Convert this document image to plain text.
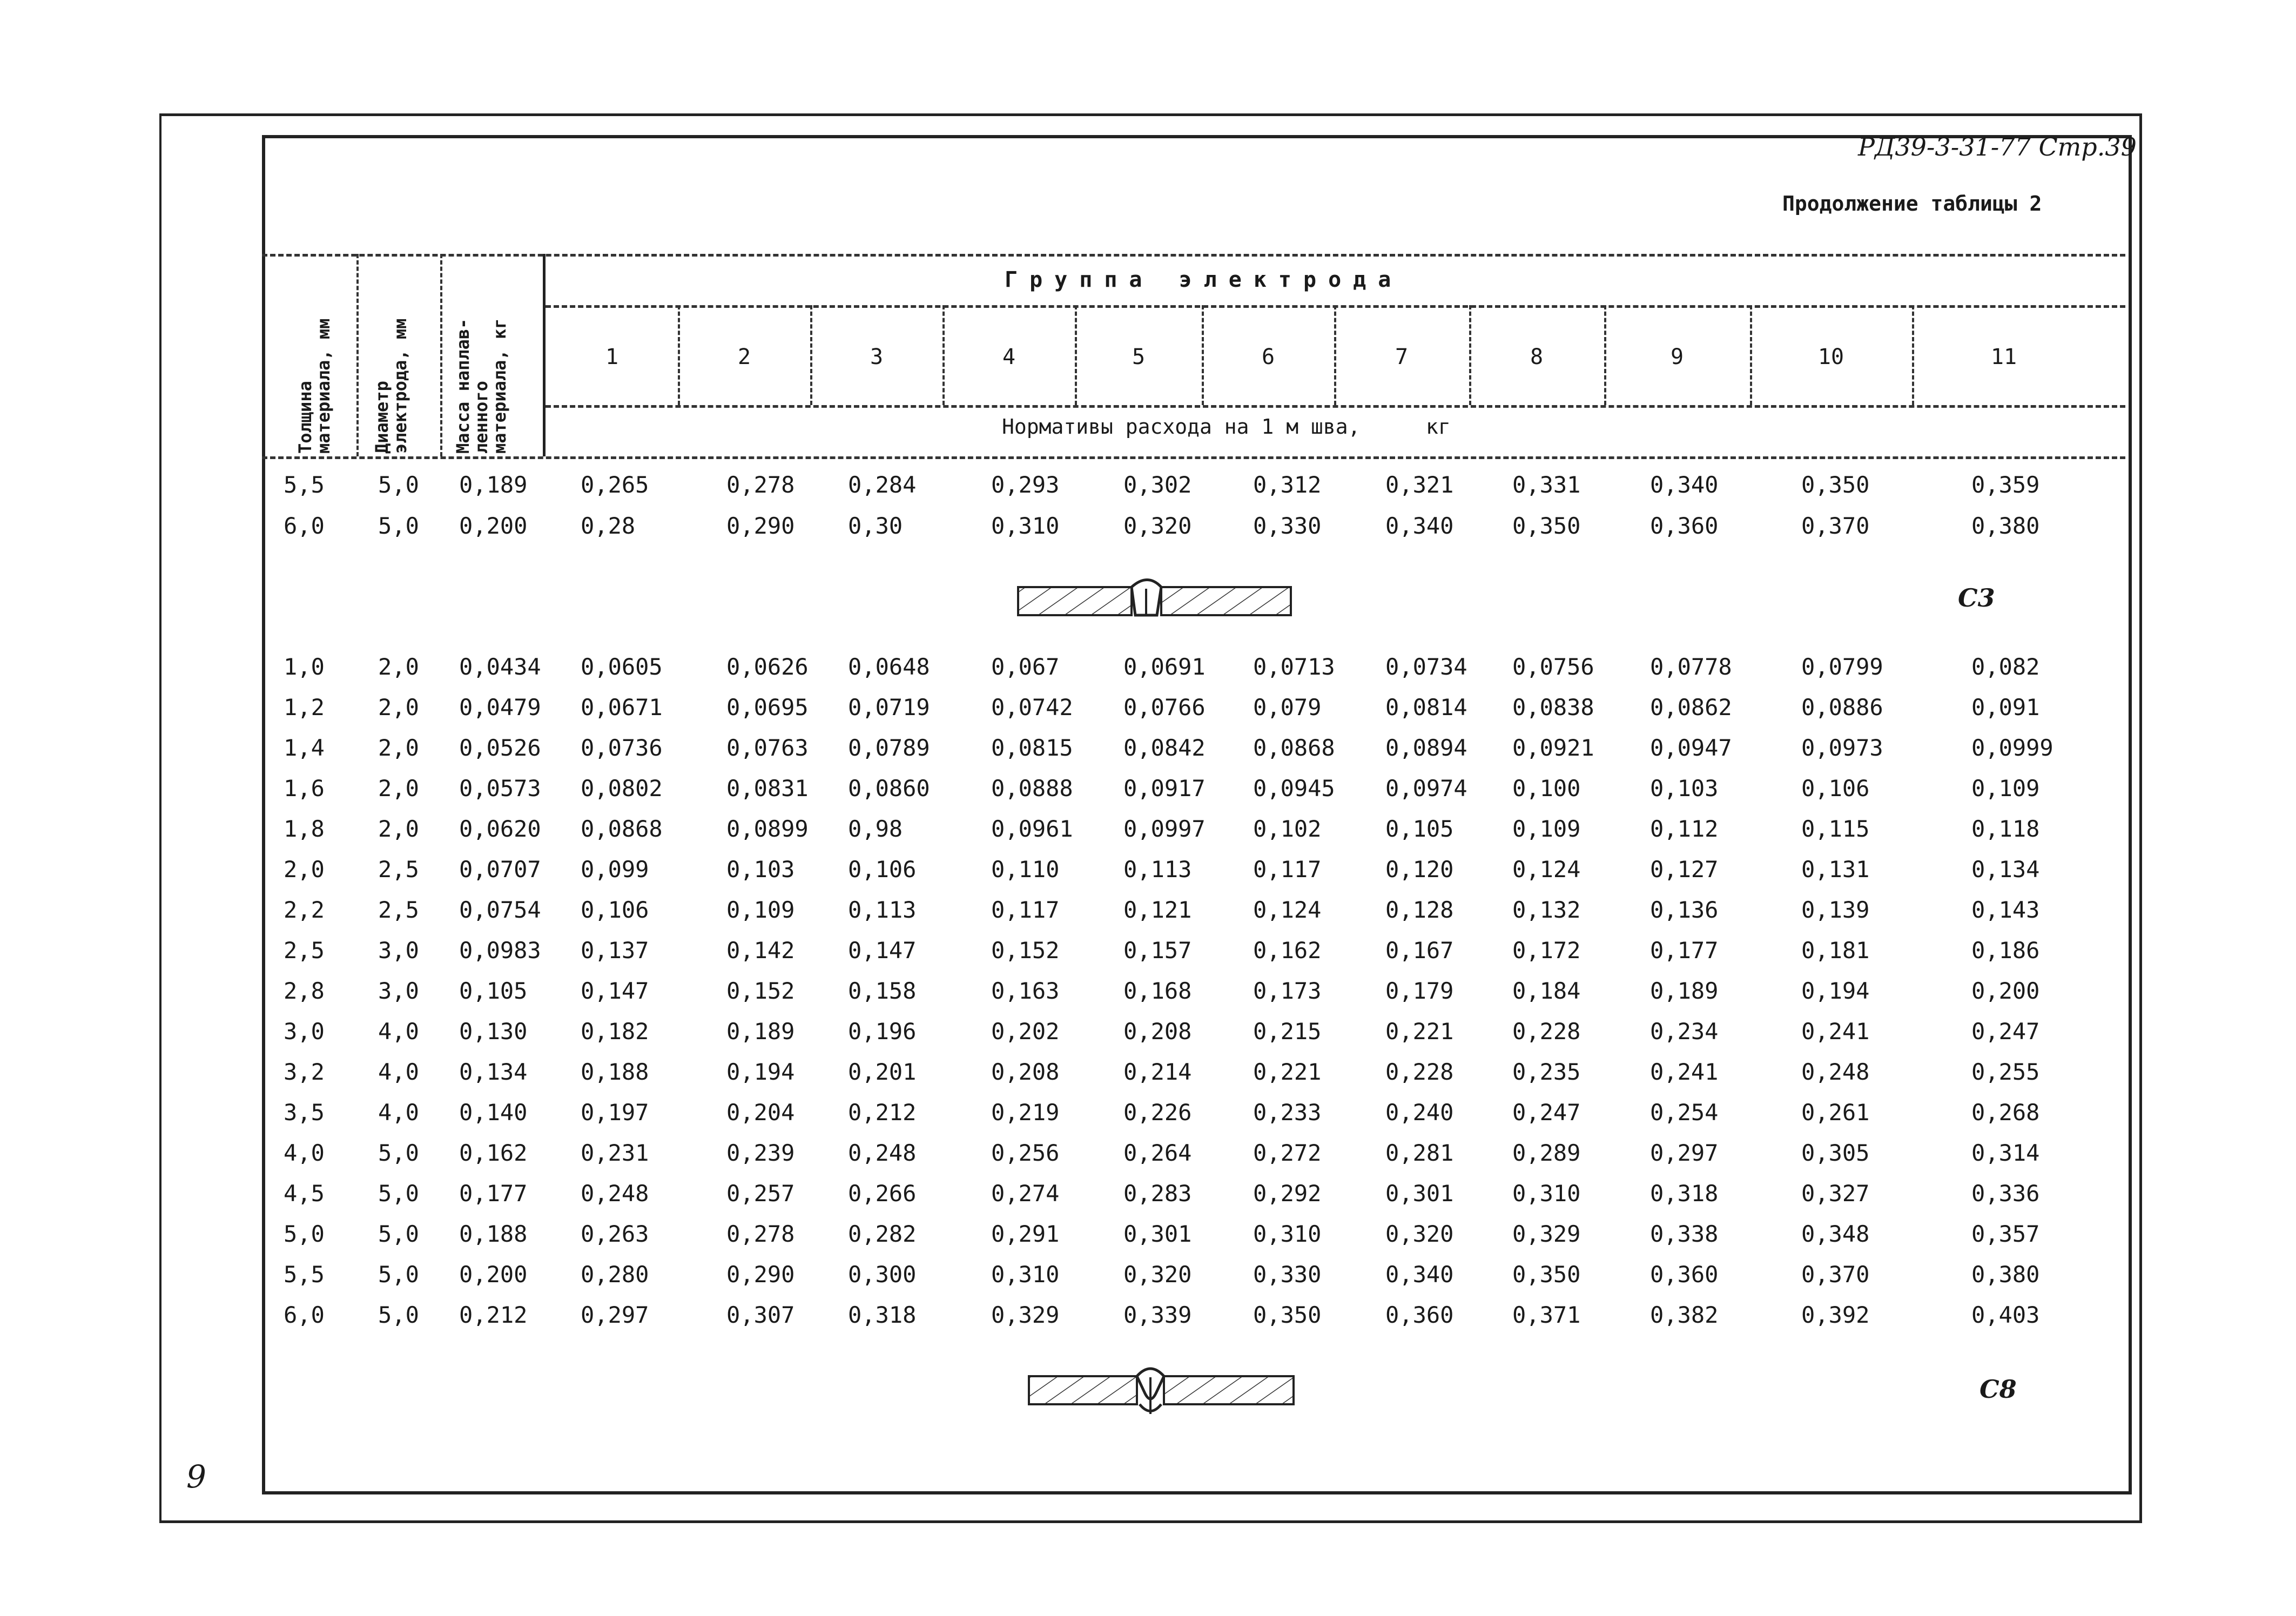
РД39-3-31-77 Стр.39
Продолжение таблицы 2
9
Толщина
материала, мм
Диаметр
электрода, мм
Масса наплав-
ленного
материала, кг
Группа электрода
Нормативы расхода на 1 м шва,	кг
1	2	3	4	5	6	7	8	9	10	11
5,5 5,0 0,189 0,265	0,278 0,284	0,293	0,302	0,312	0,321	0,331	0,340	0,350	0,359
6,0 5,0 0,200 0,28	0,290 0,30	0,310	0,320	0,330	0,340	0,350	0,360	0,370	0,380
1,0 2,0 0,0434 0,0605	0,0626 0,0648	0,067	0,0691 0,0713 0,0734 0,0756 0,0778	0,0799	0,082
1,2 2,0 0,0479 0,0671	0,0695 0,0719	0,0742 0,0766 0,079	0,0814 0,0838 0,0862	0,0886	0,091
1,4 2,0 0,0526 0,0736	0,0763 0,0789	0,0815 0,0842 0,0868 0,0894 0,0921 0,0947	0,0973	0,0999
1,6 2,0 0,0573 0,0802	0,0831 0,0860	0,0888 0,0917 0,0945 0,0974 0,100	0,103	0,106	0,109
1,8 2,0 0,0620 0,0868	0,0899 0,98	0,0961 0,0997 0,102	0,105	0,109	0,112	0,115	0,118
2,0 2,5 0,0707 0,099	0,103 0,106	0,110	0,113	0,117	0,120	0,124	0,127	0,131	0,134
2,2 2,5 0,0754 0,106	0,109 0,113	0,117	0,121	0,124	0,128	0,132	0,136	0,139	0,143
2,5 3,0 0,0983 0,137	0,142 0,147	0,152	0,157	0,162	0,167	0,172	0,177	0,181	0,186
2,8 3,0 0,105 0,147	0,152 0,158	0,163	0,168	0,173	0,179	0,184	0,189	0,194	0,200
3,0 4,0 0,130 0,182	0,189 0,196	0,202	0,208	0,215	0,221	0,228	0,234	0,241	0,247
3,2 4,0 0,134 0,188	0,194 0,201	0,208	0,214	0,221	0,228	0,235	0,241	0,248	0,255
3,5 4,0 0,140 0,197	0,204 0,212	0,219	0,226	0,233	0,240	0,247	0,254	0,261	0,268
4,0 5,0 0,162 0,231	0,239 0,248	0,256	0,264	0,272	0,281	0,289	0,297	0,305	0,314
4,5 5,0 0,177 0,248	0,257 0,266	0,274	0,283	0,292	0,301	0,310	0,318	0,327	0,336
5,0 5,0 0,188 0,263	0,278 0,282	0,291	0,301	0,310	0,320	0,329	0,338	0,348	0,357
5,5 5,0 0,200 0,280	0,290 0,300	0,310	0,320	0,330	0,340	0,350	0,360	0,370	0,380
6,0 5,0 0,212 0,297	0,307 0,318	0,329	0,339	0,350	0,360	0,371	0,382	0,392	0,403
С3
С8
